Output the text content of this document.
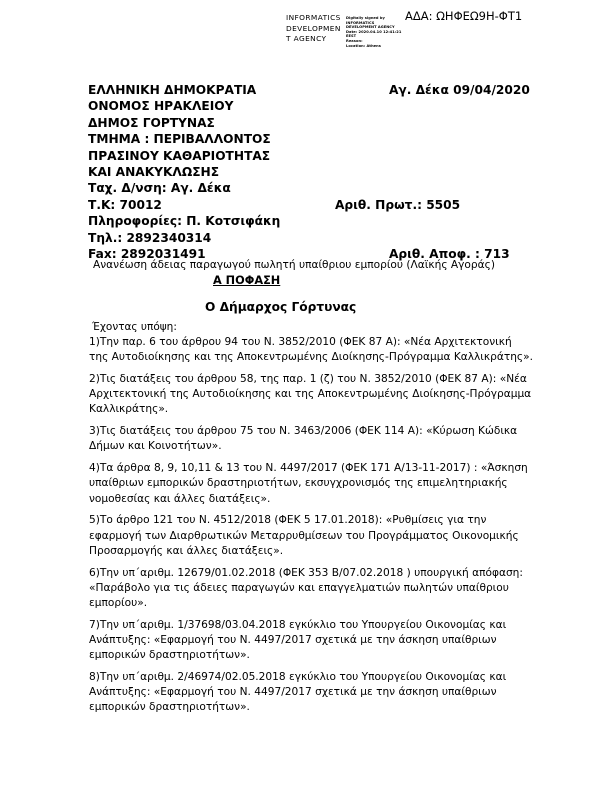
INFORMATICS
DEVELOPMEN
T AGENCY
Digitally signed by
INFORMATICS
DEVELOPMENT AGENCY
Date: 2020.04.10 12:41:21
EEST
Reason:
Location: Athens
ΑΔΑ: ΩΗΦΕΩ9Η-ΦΤ1
ΕΛΛΗΝΙΚΗ ΔΗΜΟΚΡΑΤΙΑ	Αγ. Δέκα 09/04/2020
ΟΝΟΜΟΣ ΗΡΑΚΛΕΙΟΥ
ΔΗΜΟΣ ΓΟΡΤΥΝΑΣ
ΤΜΗΜΑ : ΠΕΡΙΒΑΛΛΟΝΤΟΣ
ΠΡΑΣΙΝΟΥ ΚΑΘΑΡΙΟΤΗΤΑΣ
ΚΑΙ ΑΝΑΚΥΚΛΩΣΗΣ
Ταχ. Δ/νση: Αγ. Δέκα
Τ.Κ: 70012	Αριθ. Πρωτ.: 5505
Πληροφορίες: Π. Κοτσιφάκη
Τηλ.: 2892340314
Fax: 2892031491	Αριθ. Αποφ. : 713
Ανανέωση άδειας παραγωγού πωλητή υπαίθριου εμπορίου (Λαϊκής Αγοράς)
Α ΠΟΦΑΣΗ
Ο Δήμαρχος Γόρτυνας
Έχοντας υπόψη:

1)Την παρ. 6 του άρθρου 94 του Ν. 3852/2010 (ΦΕΚ 87 Α): «Νέα Αρχιτεκτονική της Αυτοδιοίκησης και της Αποκεντρωμένης Διοίκησης-Πρόγραμμα Καλλικράτης».

2)Τις διατάξεις του άρθρου 58, της παρ. 1 (ζ) του Ν. 3852/2010 (ΦΕΚ 87 Α): «Νέα Αρχιτεκτονική της Αυτοδιοίκησης και της Αποκεντρωμένης Διοίκησης-Πρόγραμμα Καλλικράτης».

3)Τις διατάξεις του άρθρου 75 του Ν. 3463/2006 (ΦΕΚ 114 Α): «Κύρωση Κώδικα Δήμων και Κοινοτήτων».

4)Τα άρθρα 8, 9, 10,11 & 13 του Ν. 4497/2017 (ΦΕΚ 171 Α/13-11-2017) : «Άσκηση υπαίθριων εμπορικών δραστηριοτήτων, εκσυγχρονισμός της επιμελητηριακής νομοθεσίας και άλλες διατάξεις».

5)Το άρθρο 121 του Ν. 4512/2018 (ΦΕΚ 5 17.01.2018): «Ρυθμίσεις για την εφαρμογή των Διαρθρωτικών Μεταρρυθμίσεων του Προγράμματος Οικονομικής Προσαρμογής και άλλες διατάξεις».

6)Την υπ΄αριθμ. 12679/01.02.2018 (ΦΕΚ 353 Β/07.02.2018 ) υπουργική απόφαση: «Παράβολο για τις άδειες παραγωγών και επαγγελματιών πωλητών υπαίθριου εμπορίου».

7)Την υπ΄αριθμ. 1/37698/03.04.2018 εγκύκλιο του Υπουργείου Οικονομίας και Ανάπτυξης: «Εφαρμογή του Ν. 4497/2017 σχετικά με την άσκηση υπαίθριων εμπορικών δραστηριοτήτων».

8)Την υπ΄αριθμ. 2/46974/02.05.2018 εγκύκλιο του Υπουργείου Οικονομίας και Ανάπτυξης: «Εφαρμογή του Ν. 4497/2017 σχετικά με την άσκηση υπαίθριων εμπορικών δραστηριοτήτων».
